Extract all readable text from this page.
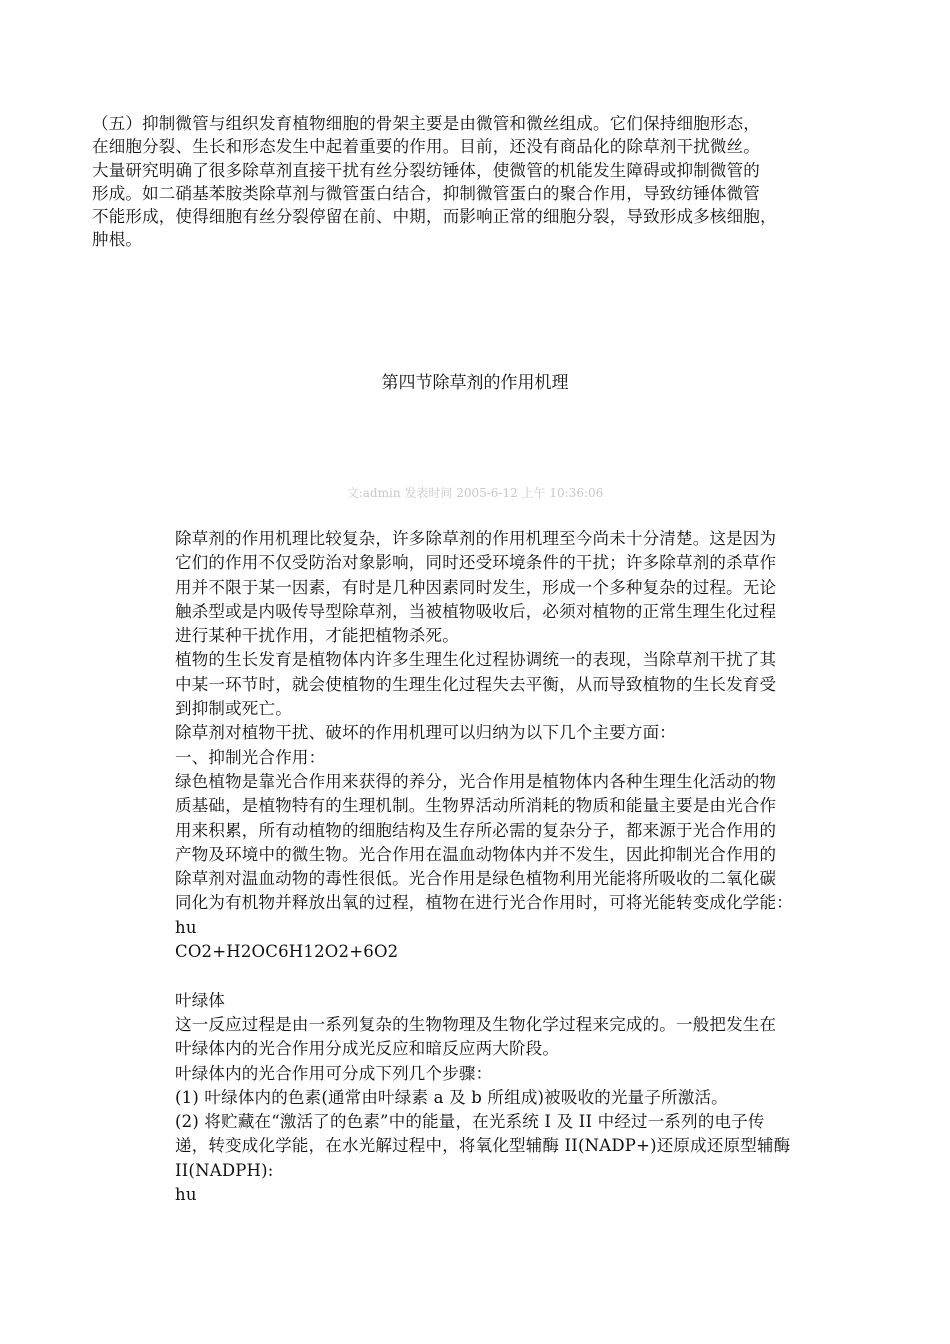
（五）抑制微管与组织发育植物细胞的骨架主要是由微管和微丝组成。它们保持细胞形态，

在细胞分裂、生长和形态发生中起着重要的作用。目前，还没有商品化的除草剂干扰微丝。

大量研究明确了很多除草剂直接干扰有丝分裂纺锤体，使微管的机能发生障碍或抑制微管的

形成。如二硝基苯胺类除草剂与微管蛋白结合，抑制微管蛋白的聚合作用，导致纺锤体微管

不能形成，使得细胞有丝分裂停留在前、中期，而影响正常的细胞分裂，导致形成多核细胞，

肿根。

第四节除草剂的作用机理
文:admin 发表时间 2005-6-12 上午 10:36:06

除草剂的作用机理比较复杂，许多除草剂的作用机理至今尚未十分清楚。这是因为

它们的作用不仅受防治对象影响，同时还受环境条件的干扰；许多除草剂的杀草作

用并不限于某一因素，有时是几种因素同时发生，形成一个多种复杂的过程。无论

触杀型或是内吸传导型除草剂，当被植物吸收后，必须对植物的正常生理生化过程

进行某种干扰作用，才能把植物杀死。

植物的生长发育是植物体内许多生理生化过程协调统一的表现，当除草剂干扰了其

中某一环节时，就会使植物的生理生化过程失去平衡，从而导致植物的生长发育受

到抑制或死亡。

除草剂对植物干扰、破坏的作用机理可以归纳为以下几个主要方面：

一、抑制光合作用：

绿色植物是靠光合作用来获得的养分，光合作用是植物体内各种生理生化活动的物

质基础，是植物特有的生理机制。生物界活动所消耗的物质和能量主要是由光合作

用来积累，所有动植物的细胞结构及生存所必需的复杂分子，都来源于光合作用的

产物及环境中的微生物。光合作用在温血动物体内并不发生，因此抑制光合作用的

除草剂对温血动物的毒性很低。光合作用是绿色植物利用光能将所吸收的二氧化碳

同化为有机物并释放出氧的过程，植物在进行光合作用时，可将光能转变成化学能：

hu

CO2+H2OC6H12O2+6O2

叶绿体

这一反应过程是由一系列复杂的生物物理及生物化学过程来完成的。一般把发生在

叶绿体内的光合作用分成光反应和暗反应两大阶段。

叶绿体内的光合作用可分成下列几个步骤：

(1) 叶绿体内的色素(通常由叶绿素 a 及 b 所组成)被吸收的光量子所激活。

(2) 将贮藏在“激活了的色素”中的能量，在光系统 I 及 II 中经过一系列的电子传

递，转变成化学能，在水光解过程中，将氧化型辅酶 II(NADP+)还原成还原型辅酶

II(NADPH):

hu
